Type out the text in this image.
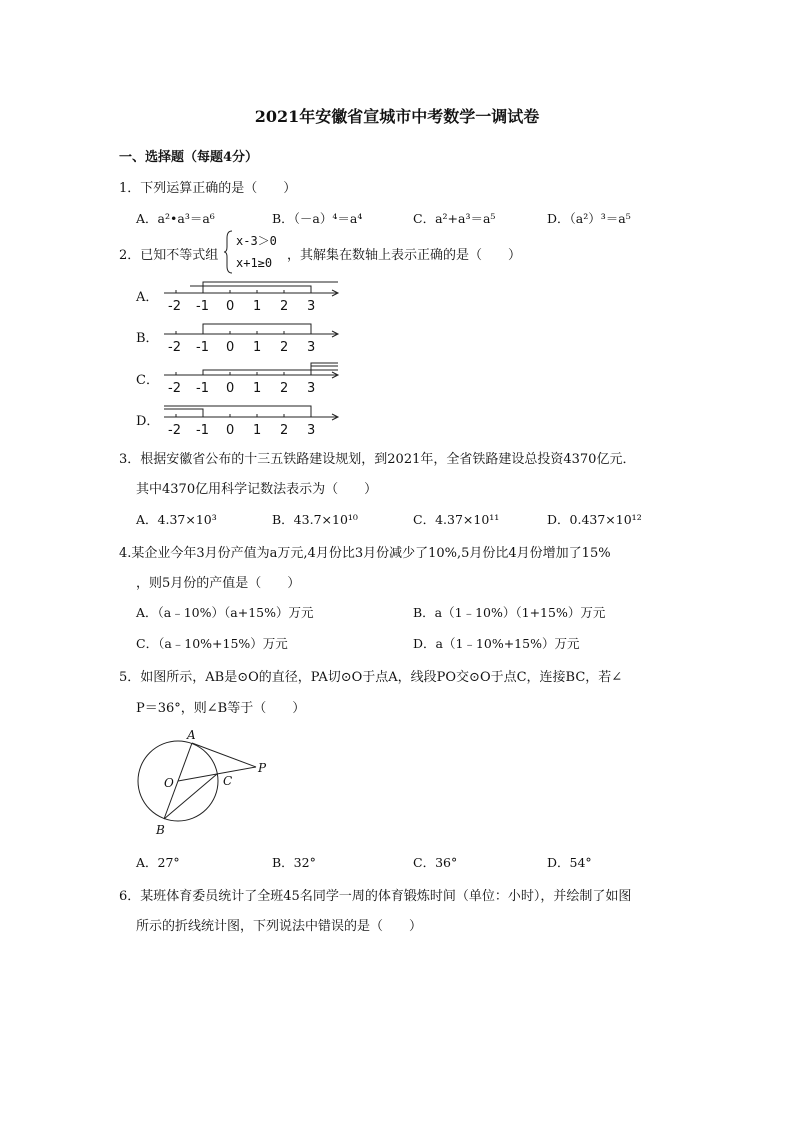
2021年安徽省宣城市中考数学一调试卷
一、选择题（每题4分）
1．下列运算正确的是（　　）
A．a²•a³＝a⁶	B．（－a）⁴＝a⁴	C．a²+a³＝a⁵	D．（a²）³＝a⁵
2．已知不等式组
x-3＞0
x+1≥0 ，其解集在数轴上表示正确的是（　　）
A．
-2 -1 0 1 2 3
B．
-2 -1 0 1 2 3
C．
-2 -1 0 1 2 3
D．
-2 -1 0 1 2 3
3．根据安徽省公布的十三五铁路建设规划，到2021年，全省铁路建设总投资4370亿元．
其中4370亿用科学记数法表示为（　　）
A．4.37×10³	B．43.7×10¹⁰	C．4.37×10¹¹	D．0.437×10¹²
4.某企业今年3月份产值为a万元,4月份比3月份减少了10%,5月份比4月份增加了15%
，则5月份的产值是（　　）
A．（a﹣10%）（a+15%）万元	B．a（1﹣10%）（1+15%）万元
C．（a﹣10%+15%）万元	D．a（1﹣10%+15%）万元
5．如图所示，AB是⊙O的直径，PA切⊙O于点A，线段PO交⊙O于点C，连接BC，若∠
P＝36°，则∠B等于（　　）
A
O	C
P
B
A．27°	B．32°	C．36°	D．54°
6．某班体育委员统计了全班45名同学一周的体育锻炼时间（单位：小时），并绘制了如图
所示的折线统计图，下列说法中错误的是（　　）
